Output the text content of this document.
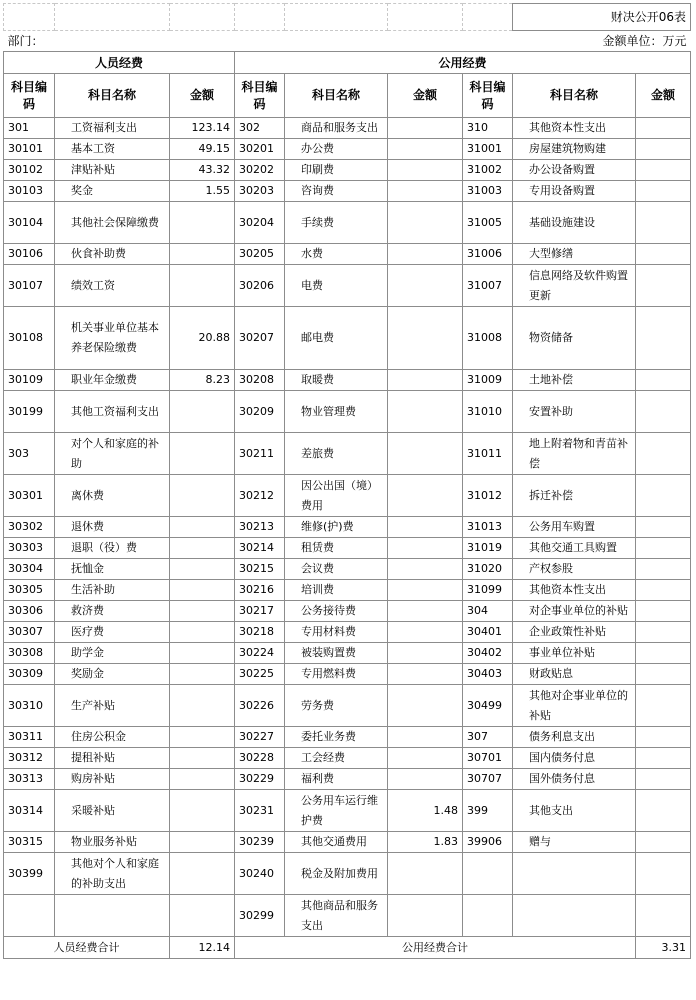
							财决公开06表	
部门：				金额单位：万元				
人员经费			公用经费					
科目编码	科目名称	金额	科目编码	科目名称	金额	科目编码	科目名称	金额
301	工资福利支出	123.14	302	商品和服务支出		310	其他资本性支出	
30101	基本工资	49.15	30201	办公费		31001	房屋建筑物购建	
30102	津贴补贴	43.32	30202	印刷费		31002	办公设备购置	
30103	奖金	1.55	30203	咨询费		31003	专用设备购置	
30104	其他社会保障缴费		30204	手续费		31005	基础设施建设	
30106	伙食补助费		30205	水费		31006	大型修缮	
30107	绩效工资		30206	电费		31007	信息网络及软件购置更新	
30108	机关事业单位基本养老保险缴费	20.88	30207	邮电费		31008	物资储备	
30109	职业年金缴费	8.23	30208	取暖费		31009	土地补偿	
30199	其他工资福利支出		30209	物业管理费		31010	安置补助	
303	对个人和家庭的补助		30211	差旅费		31011	地上附着物和青苗补偿	
30301	离休费		30212	因公出国（境）费用		31012	拆迁补偿	
30302	退休费		30213	维修(护)费		31013	公务用车购置	
30303	退职（役）费		30214	租赁费		31019	其他交通工具购置	
30304	抚恤金		30215	会议费		31020	产权参股	
30305	生活补助		30216	培训费		31099	其他资本性支出	
30306	救济费		30217	公务接待费		304	对企事业单位的补贴	
30307	医疗费		30218	专用材料费		30401	企业政策性补贴	
30308	助学金		30224	被装购置费		30402	事业单位补贴	
30309	奖励金		30225	专用燃料费		30403	财政贴息	
30310	生产补贴		30226	劳务费		30499	其他对企事业单位的补贴	
30311	住房公积金		30227	委托业务费		307	债务利息支出	
30312	提租补贴		30228	工会经费		30701	国内债务付息	
30313	购房补贴		30229	福利费		30707	国外债务付息	
30314	采暖补贴		30231	公务用车运行维护费	1.48	399	其他支出	
30315	物业服务补贴		30239	其他交通费用	1.83	39906	赠与	
30399	其他对个人和家庭的补助支出		30240	税金及附加费用				
			30299	其他商品和服务支出				
人员经费合计		12.14	公用经费合计					3.31
